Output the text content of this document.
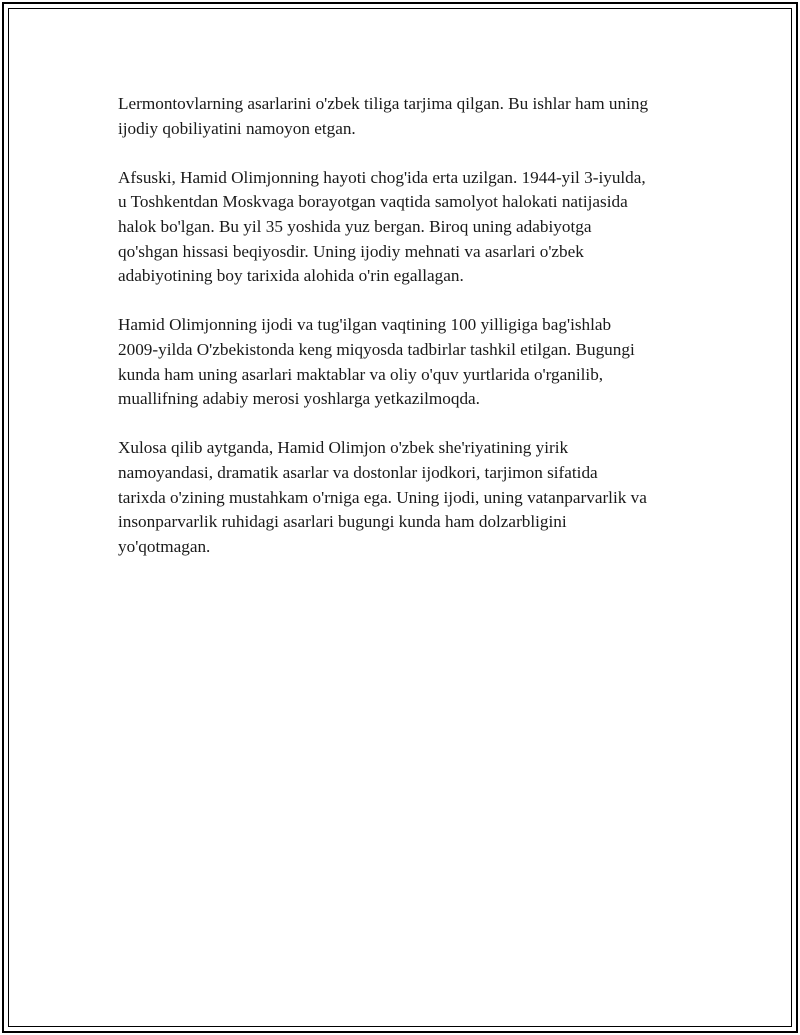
Lermontovlarning asarlarini o'zbek tiliga tarjima qilgan. Bu ishlar ham uning
ijodiy qobiliyatini namoyon etgan.

Afsuski, Hamid Olimjonning hayoti chog'ida erta uzilgan. 1944-yil 3-iyulda,
u Toshkentdan Moskvaga borayotgan vaqtida samolyot halokati natijasida
halok bo'lgan. Bu yil 35 yoshida yuz bergan. Biroq uning adabiyotga
qo'shgan hissasi beqiyosdir. Uning ijodiy mehnati va asarlari o'zbek
adabiyotining boy tarixida alohida o'rin egallagan.

Hamid Olimjonning ijodi va tug'ilgan vaqtining 100 yilligiga bag'ishlab
2009-yilda O'zbekistonda keng miqyosda tadbirlar tashkil etilgan. Bugungi
kunda ham uning asarlari maktablar va oliy o'quv yurtlarida o'rganilib,
muallifning adabiy merosi yoshlarga yetkazilmoqda.

Xulosa qilib aytganda, Hamid Olimjon o'zbek she'riyatining yirik
namoyandasi, dramatik asarlar va dostonlar ijodkori, tarjimon sifatida
tarixda o'zining mustahkam o'rniga ega. Uning ijodi, uning vatanparvarlik va
insonparvarlik ruhidagi asarlari bugungi kunda ham dolzarbligini
yo'qotmagan.
